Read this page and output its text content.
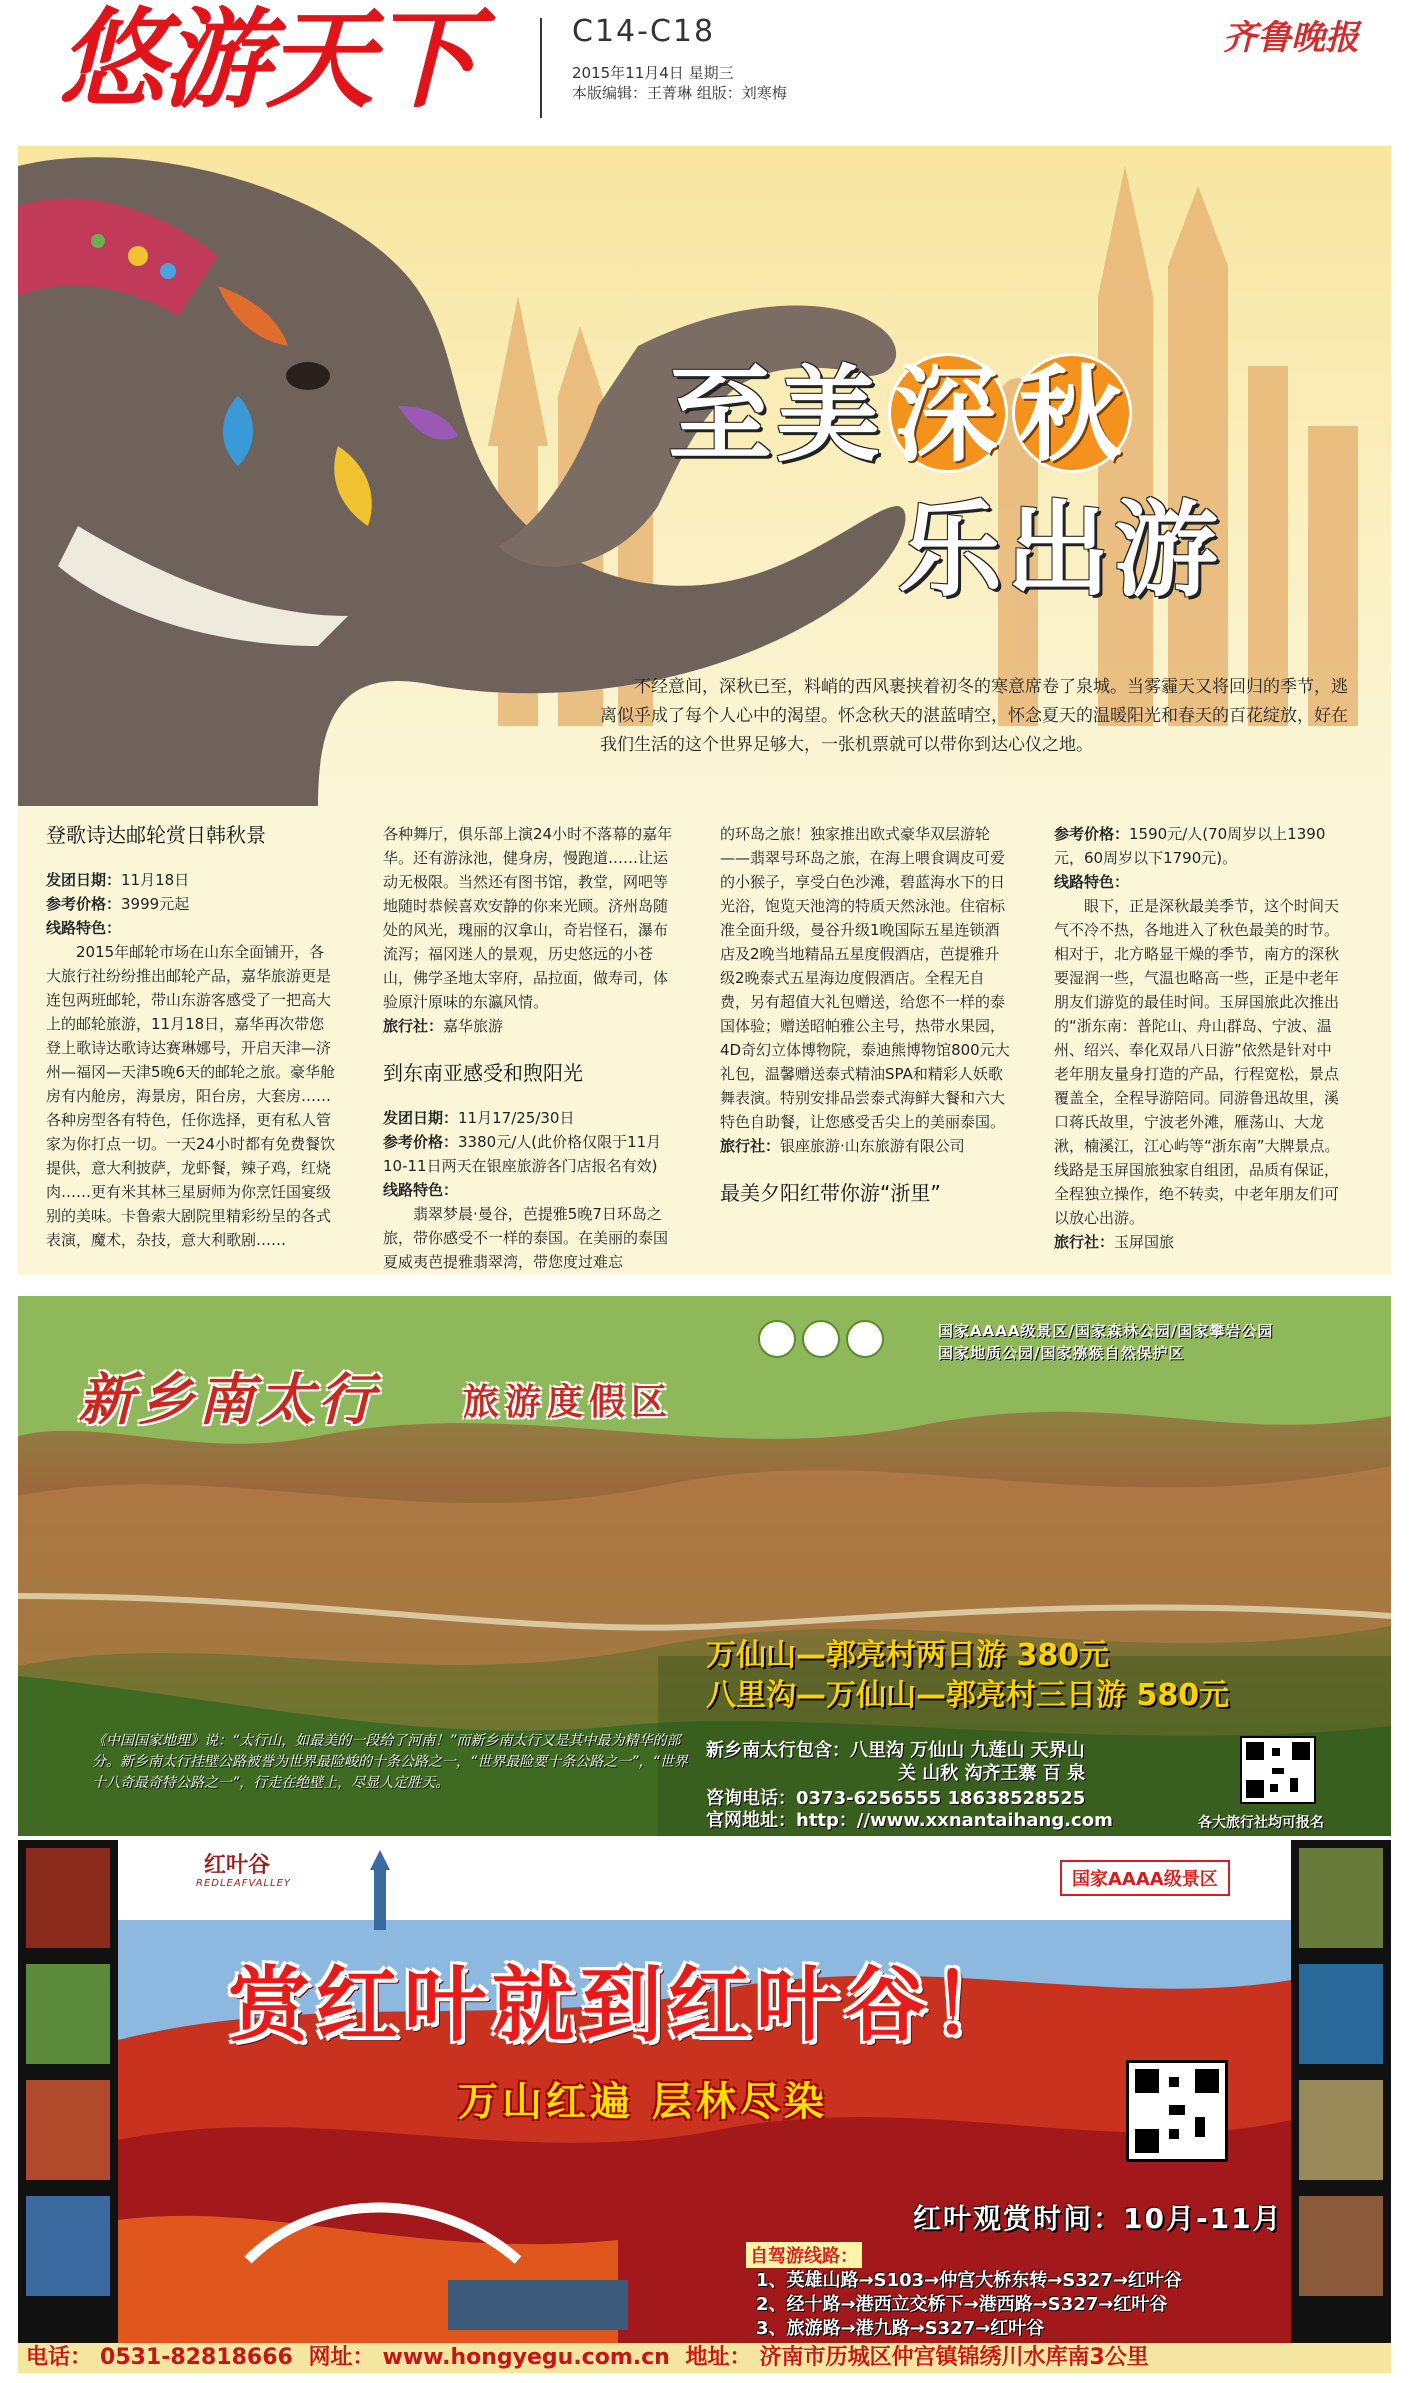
悠游天下	C14-C18
2015年11月4日 星期三
本版编辑：王菁琳 组版：刘寒梅
齐鲁晚报
至美深 秋
乐出游

不经意间，深秋已至，料峭的西风裹挟着初冬的寒意席卷了泉城。当雾霾天又将回归的季节，逃离似乎成了每个人心中的渴望。怀念秋天的湛蓝晴空，怀念夏天的温暖阳光和春天的百花绽放，好在我们生活的这个世界足够大，一张机票就可以带你到达心仪之地。

登歌诗达邮轮赏日韩秋景

发团日期：11月18日

参考价格：3999元起

线路特色：

2015年邮轮市场在山东全面铺开，各大旅行社纷纷推出邮轮产品，嘉华旅游更是连包两班邮轮，带山东游客感受了一把高大上的邮轮旅游，11月18日，嘉华再次带您登上歌诗达歌诗达赛琳娜号，开启天津—济州—福冈—天津5晚6天的邮轮之旅。豪华舱房有内舱房，海景房，阳台房，大套房……各种房型各有特色，任你选择，更有私人管家为你打点一切。一天24小时都有免费餐饮提供，意大利披萨，龙虾餐，辣子鸡，红烧肉……更有米其林三星厨师为你烹饪国宴级别的美味。卡鲁索大剧院里精彩纷呈的各式表演，魔术，杂技，意大利歌剧……

各种舞厅，俱乐部上演24小时不落幕的嘉年华。还有游泳池，健身房，慢跑道……让运动无极限。当然还有图书馆，教堂，网吧等地随时恭候喜欢安静的你来光顾。济州岛随处的风光，瑰丽的汉拿山，奇岩怪石，瀑布流泻；福冈迷人的景观，历史悠远的小苍山，佛学圣地太宰府，品拉面，做寿司，体验原汁原味的东瀛风情。

旅行社：嘉华旅游

到东南亚感受和煦阳光

发团日期：11月17/25/30日

参考价格：3380元/人(此价格仅限于11月10-11日两天在银座旅游各门店报名有效)

线路特色：

翡翠梦晨·曼谷，芭提雅5晚7日环岛之旅，带你感受不一样的泰国。在美丽的泰国夏威夷芭提雅翡翠湾，带您度过难忘

的环岛之旅！独家推出欧式豪华双层游轮——翡翠号环岛之旅，在海上喂食调皮可爱的小猴子，享受白色沙滩，碧蓝海水下的日光浴，饱览天池湾的特质天然泳池。住宿标准全面升级，曼谷升级1晚国际五星连锁酒店及2晚当地精品五星度假酒店，芭提雅升级2晚泰式五星海边度假酒店。全程无自费，另有超值大礼包赠送，给您不一样的泰国体验；赠送昭帕雅公主号，热带水果园，4D奇幻立体博物院，泰迪熊博物馆800元大礼包，温馨赠送泰式精油SPA和精彩人妖歌舞表演。特别安排品尝泰式海鲜大餐和六大特色自助餐，让您感受舌尖上的美丽泰国。

旅行社：银座旅游·山东旅游有限公司

最美夕阳红带你游“浙里”

参考价格：1590元/人(70周岁以上1390元，60周岁以下1790元)。

线路特色：

眼下，正是深秋最美季节，这个时间天气不冷不热，各地进入了秋色最美的时节。相对于，北方略显干燥的季节，南方的深秋要湿润一些，气温也略高一些，正是中老年朋友们游览的最佳时间。玉屏国旅此次推出的“浙东南：普陀山、舟山群岛、宁波、温州、绍兴、奉化双昂八日游”依然是针对中老年朋友量身打造的产品，行程宽松，景点覆盖全，全程导游陪同。同游鲁迅故里，溪口蒋氏故里，宁波老外滩，雁荡山、大龙湫，楠溪江，江心屿等“浙东南”大牌景点。线路是玉屏国旅独家自组团，品质有保证，全程独立操作，绝不转卖，中老年朋友们可以放心出游。

旅行社：玉屏国旅

国家AAAA级景区/国家森林公园/国家攀岩公园
国家地质公园/国家猕猴自然保护区
新乡南太行 旅游度假区
万仙山—郭亮村两日游 380元
八里沟—万仙山—郭亮村三日游 580元
《中国国家地理》说：“太行山，如最美的一段给了河南！”而新乡南太行又是其中最为精华的部分。新乡南太行挂壁公路被誉为世界最险峻的十条公路之一，“世界最险要十条公路之一”，“世界十八奇最奇特公路之一”，行走在绝壁上，尽显人定胜天。
新乡南太行包含：八里沟 万仙山 九莲山 天界山
关 山秋 沟齐王寨 百 泉
咨询电话：0373-6256555 18638528525
官网地址：http：//www.xxnantaihang.com	各大旅行社均可报名
红叶谷
REDLEAFVALLEY	国家AAAA级景区
赏红叶就到红叶谷！
万山红遍 层林尽染
红叶观赏时间：10月-11月
自驾游线路：
1、英雄山路→S103→仲宫大桥东转→S327→红叶谷
2、经十路→港西立交桥下→港西路→S327→红叶谷
3、旅游路→港九路→S327→红叶谷
电话： 0531-82818666 网址： www.hongyegu.com.cn 地址： 济南市历城区仲宫镇锦绣川水库南3公里
